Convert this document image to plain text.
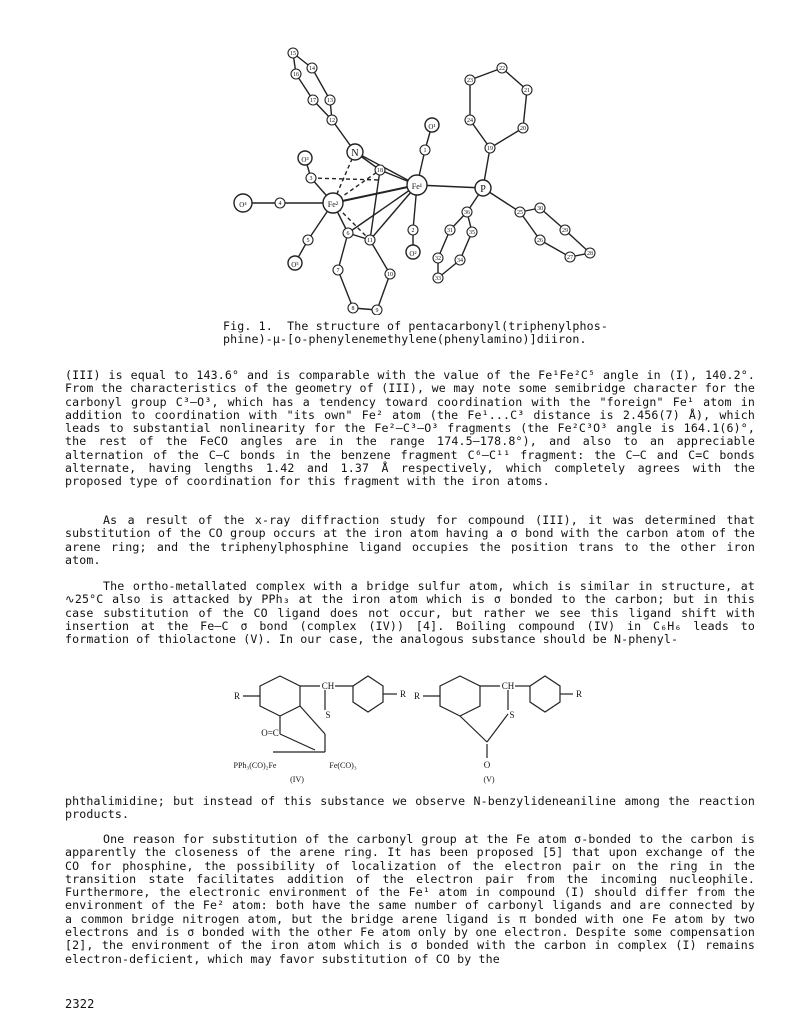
N
Fe¹
Fe²
P
O¹
O²
O³
O⁴
O⁵
1
2
3
4
5
6
7
8	9
10
11
12
13
14
15
16
17
18
19
20
21
22
23
24
25
26
27
28
29
30
31
32
33
34
35
36
Fig. 1.  The structure of pentacarbonyl(triphenylphos-
phine)-μ-[o-phenylenemethylene(phenylamino)]diiron.

(III) is equal to 143.6° and is comparable with the value of the Fe¹Fe²C⁵ angle in (I), 140.2°. From the characteristics of the geometry of (III), we may note some semibridge character for the carbonyl group C³–O³, which has a tendency toward coordination with the "foreign" Fe¹ atom in addition to coordination with "its own" Fe² atom (the Fe¹...C³ distance is 2.456(7) Å), which leads to substantial nonlinearity for the Fe²–C³–O³ fragments (the Fe²C³O³ angle is 164.1(6)°, the rest of the FeCO angles are in the range 174.5–178.8°), and also to an appreciable alternation of the C–C bonds in the benzene fragment C⁶–C¹¹ fragment: the C–C and C=C bonds alternate, having lengths 1.42 and 1.37 Å respectively, which completely agrees with the proposed type of coordination for this fragment with the iron atoms.

As a result of the x-ray diffraction study for compound (III), it was determined that substitution of the CO group occurs at the iron atom having a σ bond with the carbon atom of the arene ring; and the triphenylphosphine ligand occupies the position trans to the other iron atom.

The ortho-metallated complex with a bridge sulfur atom, which is similar in structure, at ∿25°C also is attacked by PPh₃ at the iron atom which is σ bonded to the carbon; but in this case substitution of the CO ligand does not occur, but rather we see this ligand shift with insertion at the Fe–C σ bond (complex (IV)) [4]. Boiling compound (IV) in C₆H₆ leads to formation of thiolactone (V). In our case, the analogous substance should be N-phenyl-

R
CH
R
S
O=C
PPh₃(CO)₂Fe	Fe(CO)₃
(IV)
R
CH
R
S
O
(V)

phthalimidine; but instead of this substance we observe N-benzylideneaniline among the reaction products.

One reason for substitution of the carbonyl group at the Fe atom σ-bonded to the carbon is apparently the closeness of the arene ring. It has been proposed [5] that upon exchange of the CO for phosphine, the possibility of localization of the electron pair on the ring in the transition state facilitates addition of the electron pair from the incoming nucleophile. Furthermore, the electronic environment of the Fe¹ atom in compound (I) should differ from the environment of the Fe² atom: both have the same number of carbonyl ligands and are connected by a common bridge nitrogen atom, but the bridge arene ligand is π bonded with one Fe atom by two electrons and is σ bonded with the other Fe atom only by one electron. Despite some compensation [2], the environment of the iron atom which is σ bonded with the carbon in complex (I) remains electron-deficient, which may favor substitution of CO by the

2322
